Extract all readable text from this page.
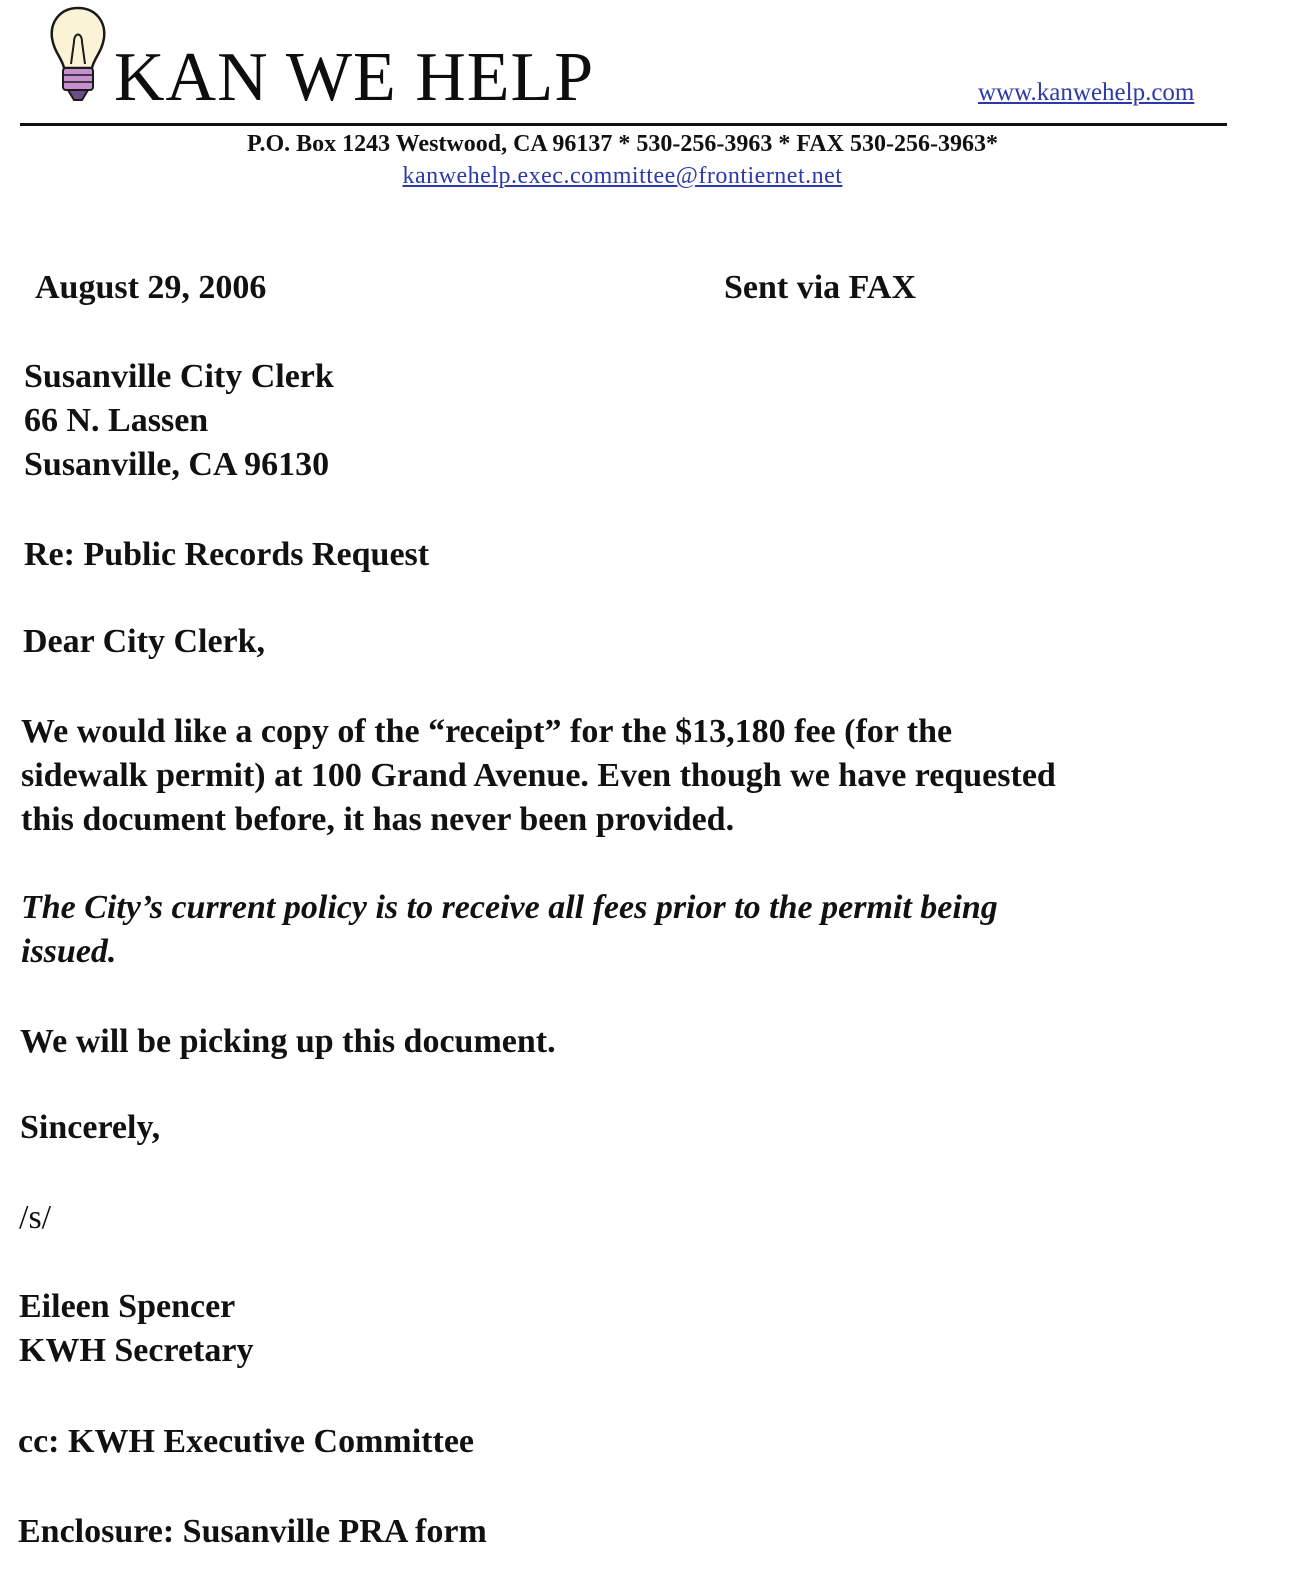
KAN WE HELP	www.kanwehelp.com
P.O. Box 1243 Westwood, CA 96137 * 530-256-3963 * FAX 530-256-3963*
kanwehelp.exec.committee@frontiernet.net
August 29, 2006	Sent via FAX
Susanville City Clerk
66 N. Lassen
Susanville, CA 96130
Re: Public Records Request
Dear City Clerk,
We would like a copy of the “receipt” for the $13,180 fee (for the
sidewalk permit) at 100 Grand Avenue. Even though we have requested
this document before, it has never been provided.
The City’s current policy is to receive all fees prior to the permit being
issued.
We will be picking up this document.
Sincerely,
/s/
Eileen Spencer
KWH Secretary
cc: KWH Executive Committee
Enclosure: Susanville PRA form
